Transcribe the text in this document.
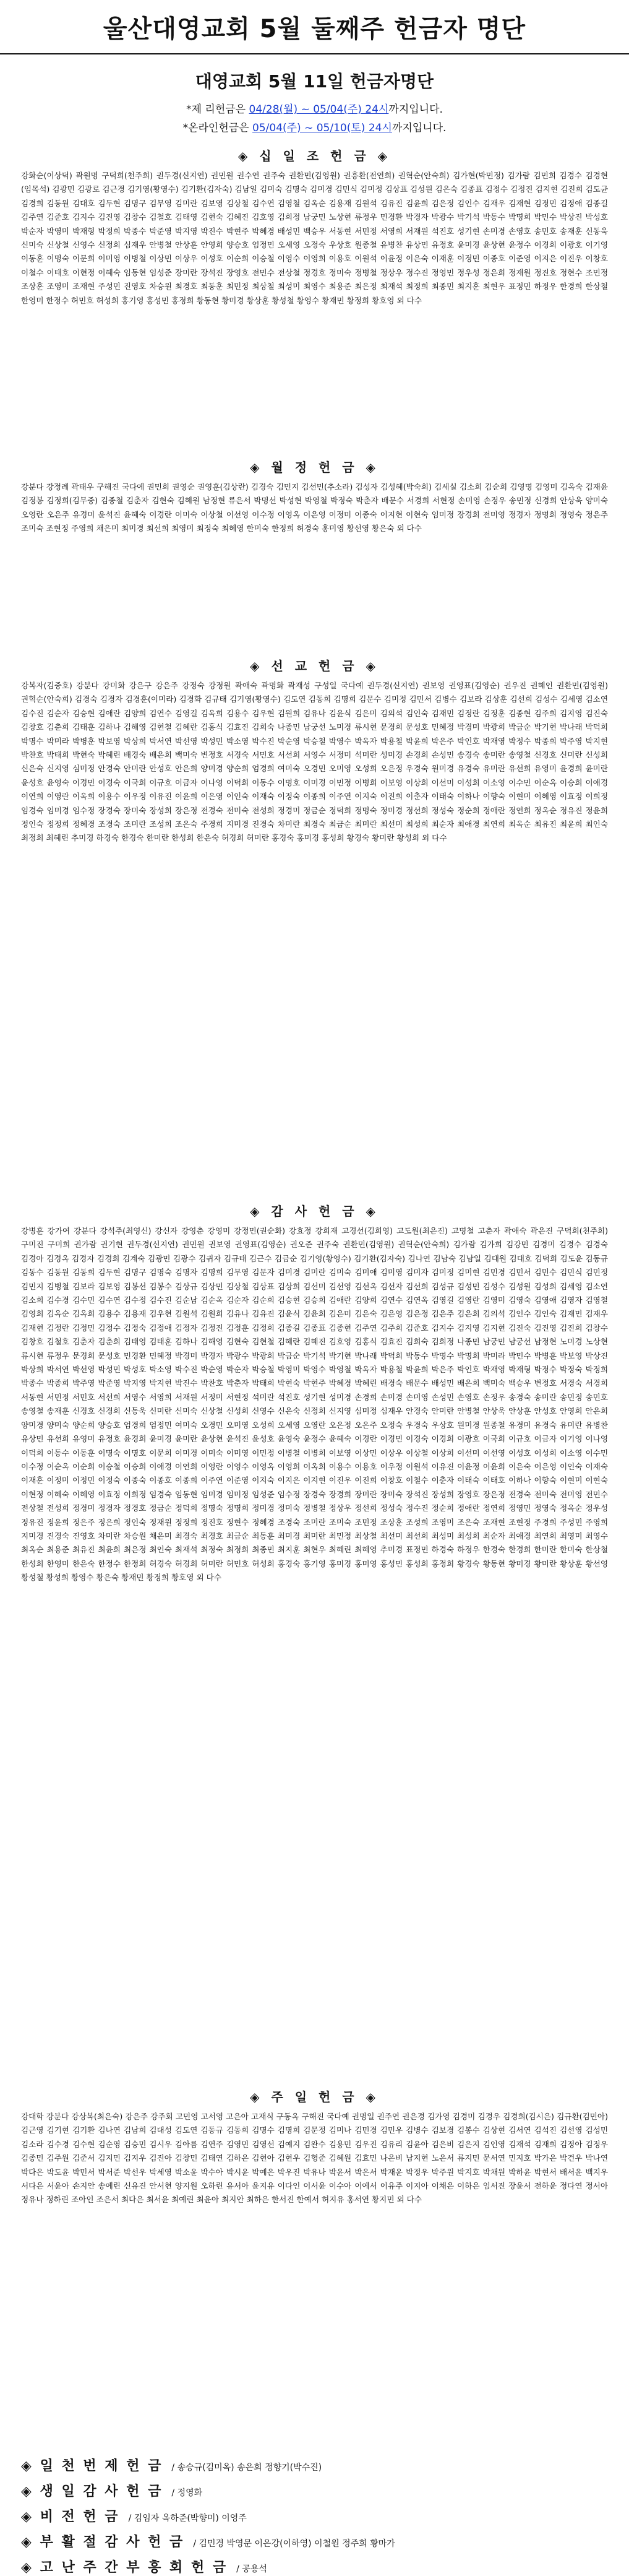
울산대영교회 5월 둘째주 헌금자 명단
대영교회 5월 11일 헌금자명단
*제 리헌금은 04/28(월) ~ 05/04(주) 24시까지입니다.
*온라인헌금은 05/04(주) ~ 05/10(토) 24시까지입니다.
◈ 십 일 조 헌 금 ◈
강화순(이상덕) 곽원명 구덕희(천주희) 권두경(신지연) 권민원 권수연 권주숙 권환민(김영원) 권흥환(전연희) 권혁순(안숙희) 김가현(박민정) 김가람 김민희 김경수 김경현(임목석) 김광민 김광로 김근경 김기영(황영수) 김기환(김자숙) 김남일 김미숙 김명숙 김미경 김민식 김미정 김상표 김성원 김은숙 김종표 김정수 김정진 김지현 김진희 김도균 김경희 김동원 김대호 김두현 김명구 김무영 김미란 김보영 김상철 김수연 김영철 김옥순 김용재 김원석 김유진 김윤희 김은정 김인수 김재우 김재현 김정민 김정애 김종길 김주연 김준호 김지수 김진영 김창수 김철호 김태영 김현숙 김혜진 김호영 김희정 남궁민 노상현 류정우 민경환 박경자 박광수 박기석 박동수 박명희 박민수 박상진 박성호 박순자 박영미 박재형 박정희 박종수 박준영 박지영 박진수 박현주 박혜경 배성민 백승우 서동현 서민정 서영희 서재원 석진호 성기현 손미경 손영호 송민호 송재훈 신동욱 신미숙 신상철 신영수 신정희 심재우 안병철 안상훈 안영희 양승호 엄정민 오세영 오정숙 우상호 원종철 유병찬 유상민 유정호 윤미경 윤상현 윤정수 이경희 이광호 이기영 이동훈 이명숙 이문희 이미영 이병철 이상민 이상우 이성호 이순희 이승철 이영수 이영희 이용호 이원석 이윤정 이은숙 이재훈 이정민 이종호 이준영 이지은 이진우 이창호 이철수 이태호 이현정 이혜숙 임동현 임성준 장미란 장석진 장영호 전민수 전상철 정경호 정미숙 정병철 정상우 정수진 정영민 정우성 정은희 정재원 정진호 정현수 조민정 조상훈 조영미 조재현 주성민 진영호 차승원 최경호 최동훈 최민정 최상철 최성미 최영수 최용준 최은정 최재석 최정희 최종민 최지훈 최현우 표정민 하정우 한경희 한상철 한영미 한정수 허민호 허성희 홍기영 홍성민 홍정희 황동현 황미경 황상훈 황성철 황영수 황재민 황정희 황호영 외 다수
◈ 월 정 헌 금 ◈
강분다 강정례 곽태우 구해진 국다예 권민희 권영순 권영훈(김상란) 김경숙 김민지 김선민(추소라) 김성자 김성혜(박숙희) 김세실 김소희 김순희 김영명 김영미 김옥숙 김재윤 김정봉 김정희(김무중) 김종철 김춘자 김현숙 김혜원 남정현 류은서 박명선 박성현 박영철 박정숙 박춘자 배문수 서경희 서현정 손미영 손정우 송민정 신경희 안상욱 양미숙 오영란 오은주 유경미 윤석진 윤혜숙 이경란 이미숙 이상철 이선영 이수정 이영옥 이은영 이정미 이종숙 이지현 이현숙 임미정 장경희 전미영 정경자 정명희 정영숙 정은주 조미숙 조현정 주영희 채은미 최미경 최선희 최영미 최정숙 최혜영 한미숙 한정희 허경숙 홍미영 황선영 황은숙 외 다수
◈ 선 교 헌 금 ◈
강복자(김중호) 강분다 강미화 강은구 강은주 강정숙 강정원 곽애숙 곽명화 곽재성 구성일 국다예 권두경(신지연) 권보영 권영표(김영순) 권우진 권혜인 권환민(김영원) 권혁순(안숙희) 김경숙 김경자 김경훈(이미라) 김경화 김규태 김기영(황영수) 김도연 김동희 김명희 김문수 김미정 김민서 김병수 김보라 김상훈 김선희 김성수 김세영 김소연 김수진 김순자 김승현 김애란 김양희 김연수 김영길 김옥희 김용수 김우현 김원희 김유나 김윤식 김은미 김의석 김인숙 김재민 김정란 김정훈 김종현 김주희 김지영 김진숙 김창호 김춘희 김태훈 김하나 김해영 김현철 김혜란 김홍식 김효진 김희숙 나종민 남궁선 노미경 류시현 문경희 문성호 민혜정 박경미 박광희 박금순 박기현 박나래 박덕희 박명수 박미라 박병훈 박보영 박상희 박서연 박선영 박성민 박소영 박수진 박순영 박승철 박영수 박옥자 박용철 박윤희 박은주 박인호 박재영 박정수 박종희 박주영 박지현 박찬호 박태희 박현숙 박혜린 배경숙 배은희 백미숙 변정호 서경숙 서민호 서선희 서영수 서정미 석미란 성미경 손경희 손성민 송경숙 송미란 송영철 신경호 신미란 신성희 신은숙 신지영 심미정 안경숙 안미란 안성호 안은희 양미경 양순희 엄경희 여미숙 오경민 오미영 오성희 오은정 우경숙 원미경 유경숙 유미란 유선희 유영미 윤경희 윤미란 윤성호 윤영숙 이경민 이경숙 이국희 이규호 이금자 이나영 이덕희 이동수 이명호 이미경 이민정 이병희 이보영 이상희 이선미 이성희 이소영 이수민 이순옥 이승희 이애경 이연희 이영란 이옥희 이용수 이우정 이유진 이윤희 이은영 이인숙 이재숙 이정숙 이종희 이주연 이지숙 이진희 이춘자 이태숙 이하나 이향숙 이현미 이혜영 이효정 이희정 임경숙 임미경 임수정 장경숙 장미숙 장성희 장은정 전경숙 전미숙 전성희 정경미 정금순 정덕희 정명숙 정미경 정선희 정성숙 정순희 정애란 정연희 정옥순 정유진 정윤희 정인숙 정정희 정혜경 조경숙 조미란 조성희 조은숙 주경희 지미경 진경숙 차미란 최경숙 최금순 최미란 최선미 최성희 최순자 최애경 최연희 최옥순 최유진 최윤희 최인숙 최정희 최혜린 추미경 하경숙 한경숙 한미란 한성희 한은숙 허경희 허미란 홍경숙 홍미경 홍성희 황경숙 황미란 황성희 외 다수
◈ 감 사 헌 금 ◈
강병훈 강가여 강분다 강석주(최영신) 강신자 강영춘 강영미 강정민(권순화) 강효정 강희재 고경선(김희영) 고도원(최은진) 고명철 고춘자 곽애숙 곽은진 구덕희(천주희) 구미진 구미희 권가람 권기현 권두경(신지연) 권민원 권보영 권영표(김영순) 권오준 권주숙 권환민(김영원) 권혁순(안숙희) 김가람 김가희 김강민 김경미 김경수 김경숙 김경아 김경옥 김경자 김경희 김계숙 김광민 김광수 김귀자 김규태 김근수 김금순 김기영(황영수) 김기환(김자숙) 김나연 김남숙 김남일 김대원 김대호 김덕희 김도윤 김동규 김동수 김동원 김동희 김두현 김명구 김명숙 김명자 김명희 김무영 김문자 김미경 김미란 김미숙 김미애 김미영 김미자 김미정 김미현 김민경 김민서 김민수 김민식 김민정 김민지 김병철 김보라 김보영 김봉선 김봉수 김상규 김상민 김상철 김상표 김상희 김선미 김선영 김선옥 김선자 김선희 김성규 김성민 김성수 김성원 김성희 김세영 김소연 김소희 김수경 김수민 김수연 김수정 김수진 김순남 김순옥 김순자 김순희 김승현 김승희 김애란 김양희 김연수 김연옥 김영길 김영란 김영미 김영숙 김영애 김영자 김영철 김영희 김옥순 김옥희 김용수 김용재 김우현 김원석 김원희 김유나 김유진 김윤식 김윤희 김은미 김은숙 김은영 김은정 김은주 김은희 김의석 김인수 김인숙 김재민 김재우 김재현 김정란 김정민 김정수 김정숙 김정애 김정자 김정진 김정훈 김정희 김종길 김종표 김종현 김주연 김주희 김준호 김지수 김지영 김지현 김진숙 김진영 김진희 김창수 김창호 김철호 김춘자 김춘희 김태영 김태훈 김하나 김해영 김현숙 김현철 김혜란 김혜진 김호영 김홍식 김효진 김희숙 김희정 나종민 남궁민 남궁선 남정현 노미경 노상현 류시현 류정우 문경희 문성호 민경환 민혜정 박경미 박경자 박광수 박광희 박금순 박기석 박기현 박나래 박덕희 박동수 박명수 박명희 박미라 박민수 박병훈 박보영 박상진 박상희 박서연 박선영 박성민 박성호 박소영 박수진 박순영 박순자 박승철 박영미 박영수 박영철 박옥자 박용철 박윤희 박은주 박인호 박재영 박재형 박정수 박정숙 박정희 박종수 박종희 박주영 박준영 박지영 박지현 박진수 박찬호 박춘자 박태희 박현숙 박현주 박혜경 박혜린 배경숙 배문수 배성민 배은희 백미숙 백승우 변정호 서경숙 서경희 서동현 서민정 서민호 서선희 서영수 서영희 서재원 서정미 서현정 석미란 석진호 성기현 성미경 손경희 손미경 손미영 손성민 손영호 손정우 송경숙 송미란 송민정 송민호 송영철 송재훈 신경호 신경희 신동욱 신미란 신미숙 신상철 신성희 신영수 신은숙 신정희 신지영 심미정 심재우 안경숙 안미란 안병철 안상욱 안상훈 안성호 안영희 안은희 양미경 양미숙 양순희 양승호 엄경희 엄정민 여미숙 오경민 오미영 오성희 오세영 오영란 오은정 오은주 오정숙 우경숙 우상호 원미경 원종철 유경미 유경숙 유미란 유병찬 유상민 유선희 유영미 유정호 윤경희 윤미경 윤미란 윤상현 윤석진 윤성호 윤영숙 윤정수 윤혜숙 이경란 이경민 이경숙 이경희 이광호 이국희 이규호 이금자 이기영 이나영 이덕희 이동수 이동훈 이명숙 이명호 이문희 이미경 이미숙 이미영 이민정 이병철 이병희 이보영 이상민 이상우 이상철 이상희 이선미 이선영 이성호 이성희 이소영 이수민 이수정 이순옥 이순희 이승철 이승희 이애경 이연희 이영란 이영수 이영옥 이영희 이옥희 이용수 이용호 이우정 이원석 이유진 이윤정 이윤희 이은숙 이은영 이인숙 이재숙 이재훈 이정미 이정민 이정숙 이종숙 이종호 이종희 이주연 이준영 이지숙 이지은 이지현 이진우 이진희 이창호 이철수 이춘자 이태숙 이태호 이하나 이향숙 이현미 이현숙 이현정 이혜숙 이혜영 이효정 이희정 임경숙 임동현 임미경 임미정 임성준 임수정 장경숙 장경희 장미란 장미숙 장석진 장성희 장영호 장은정 전경숙 전미숙 전미영 전민수 전상철 전성희 정경미 정경자 정경호 정금순 정덕희 정명숙 정명희 정미경 정미숙 정병철 정상우 정선희 정성숙 정수진 정순희 정애란 정연희 정영민 정영숙 정옥순 정우성 정유진 정윤희 정은주 정은희 정인숙 정재원 정정희 정진호 정현수 정혜경 조경숙 조미란 조미숙 조민정 조상훈 조성희 조영미 조은숙 조재현 조현정 주경희 주성민 주영희 지미경 진경숙 진영호 차미란 차승원 채은미 최경숙 최경호 최금순 최동훈 최미경 최미란 최민정 최상철 최선미 최선희 최성미 최성희 최순자 최애경 최연희 최영미 최영수 최옥순 최용준 최유진 최윤희 최은정 최인숙 최재석 최정숙 최정희 최종민 최지훈 최현우 최혜린 최혜영 추미경 표정민 하경숙 하정우 한경숙 한경희 한미란 한미숙 한상철 한성희 한영미 한은숙 한정수 한정희 허경숙 허경희 허미란 허민호 허성희 홍경숙 홍기영 홍미경 홍미영 홍성민 홍성희 홍정희 황경숙 황동현 황미경 황미란 황상훈 황선영 황성철 황성희 황영수 황은숙 황재민 황정희 황호영 외 다수
◈ 주 일 헌 금 ◈
강대학 강분다 강상복(최은숙) 강은주 강주회 고민영 고서영 고은아 고재식 구동옥 구해진 국다예 권명일 권주연 권은경 김가영 김경미 김경우 김경희(김시은) 김규환(김민아) 김근영 김기현 김기환 김나연 김남희 김대성 김도연 김동규 김동희 김명수 김명희 김문정 김미나 김민경 김민우 김병수 김보경 김봉수 김상현 김서연 김석진 김선영 김성민 김소라 김수경 김수현 김순영 김승민 김시우 김아름 김연주 김영민 김영선 김예지 김완수 김용민 김우진 김유리 김윤아 김은비 김은지 김인영 김재석 김재희 김정아 김정우 김종민 김주원 김준서 김지민 김지우 김진아 김창민 김태연 김하은 김현아 김현우 김형준 김혜원 김효민 나은비 남지현 노은서 류지민 문서연 민지호 박가은 박건우 박나연 박다은 박도윤 박민서 박서준 박선우 박세영 박소윤 박수아 박시윤 박예은 박우진 박유나 박윤서 박은서 박재윤 박정우 박주원 박지호 박채원 박하윤 박현서 배서윤 백지우 서다은 서윤아 손지안 송예린 신유진 안서현 양지원 오하린 유서아 윤지유 이다인 이서윤 이수아 이예서 이유주 이지아 이채은 이하은 임서진 장윤서 전하윤 정다연 정서아 정유나 정하린 조아인 조은서 최다은 최서윤 최예린 최윤아 최지안 최하은 한서진 한예서 허지유 홍서연 황지민 외 다수
◈ 일 천 번 제 헌 금 / 송승규(김미옥) 송은회 정향기(박수진)
◈ 생 일 감 사 헌 금 / 정영화
◈ 비 전 헌 금 / 김임자 옥하준(박향미) 이영주
◈ 부 활 절 감 사 헌 금 / 김민경 박영문 이은강(이하영) 이철원 정주희 황마가
◈ 고 난 주 간 부 흥 회 헌 금 / 공용석
